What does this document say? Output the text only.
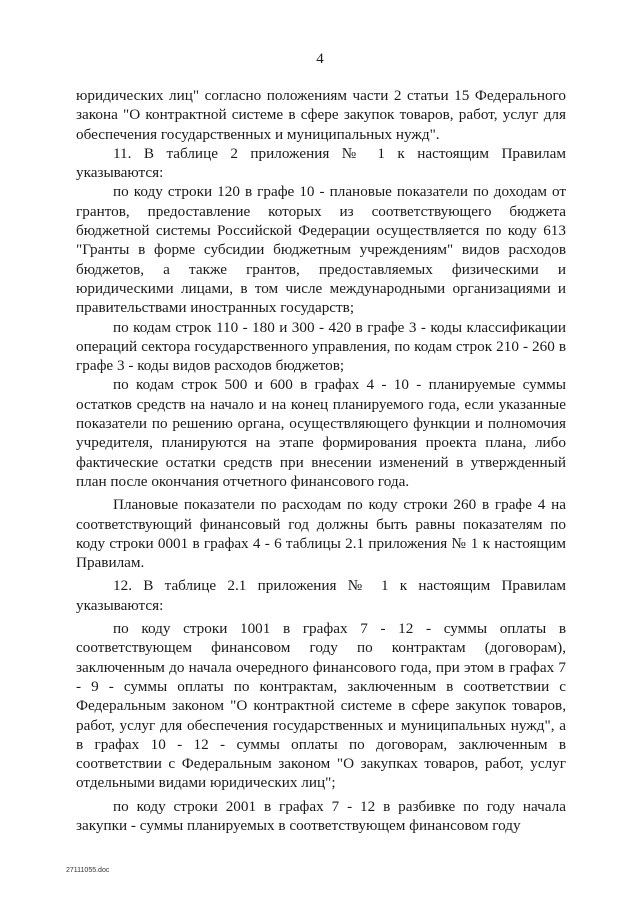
4

юридических лиц" согласно положениям части 2 статьи 15 Федерального закона "О контрактной системе в сфере закупок товаров, работ, услуг для обеспечения государственных и муниципальных нужд".

11. В таблице 2 приложения № 1 к настоящим Правилам указываются:

по коду строки 120 в графе 10 - плановые показатели по доходам от грантов, предоставление которых из соответствующего бюджета бюджетной системы Российской Федерации осуществляется по коду 613 "Гранты в форме субсидии бюджетным учреждениям" видов расходов бюджетов, а также грантов, предоставляемых физическими и юридическими лицами, в том числе международными организациями и правительствами иностранных государств;

по кодам строк 110 - 180 и 300 - 420 в графе 3 - коды классификации операций сектора государственного управления, по кодам строк 210 - 260 в графе 3 - коды видов расходов бюджетов;

по кодам строк 500 и 600 в графах 4 - 10 - планируемые суммы остатков средств на начало и на конец планируемого года, если указанные показатели по решению органа, осуществляющего функции и полномочия учредителя, планируются на этапе формирования проекта плана, либо фактические остатки средств при внесении изменений в утвержденный план после окончания отчетного финансового года.

Плановые показатели по расходам по коду строки 260 в графе 4 на соответствующий финансовый год должны быть равны показателям по коду строки 0001 в графах 4 - 6 таблицы 2.1 приложения № 1 к настоящим Правилам.

12. В таблице 2.1 приложения № 1 к настоящим Правилам указываются:

по коду строки 1001 в графах 7 - 12 - суммы оплаты в соответствующем финансовом году по контрактам (договорам), заключенным до начала очередного финансового года, при этом в графах 7 - 9 - суммы оплаты по контрактам, заключенным в соответствии с Федеральным законом "О контрактной системе в сфере закупок товаров, работ, услуг для обеспечения государственных и муниципальных нужд", а в графах 10 - 12 - суммы оплаты по договорам, заключенным в соответствии с Федеральным законом "О закупках товаров, работ, услуг отдельными видами юридических лиц";

по коду строки 2001 в графах 7 - 12 в разбивке по году начала закупки - суммы планируемых в соответствующем финансовом году

27111055.doc
